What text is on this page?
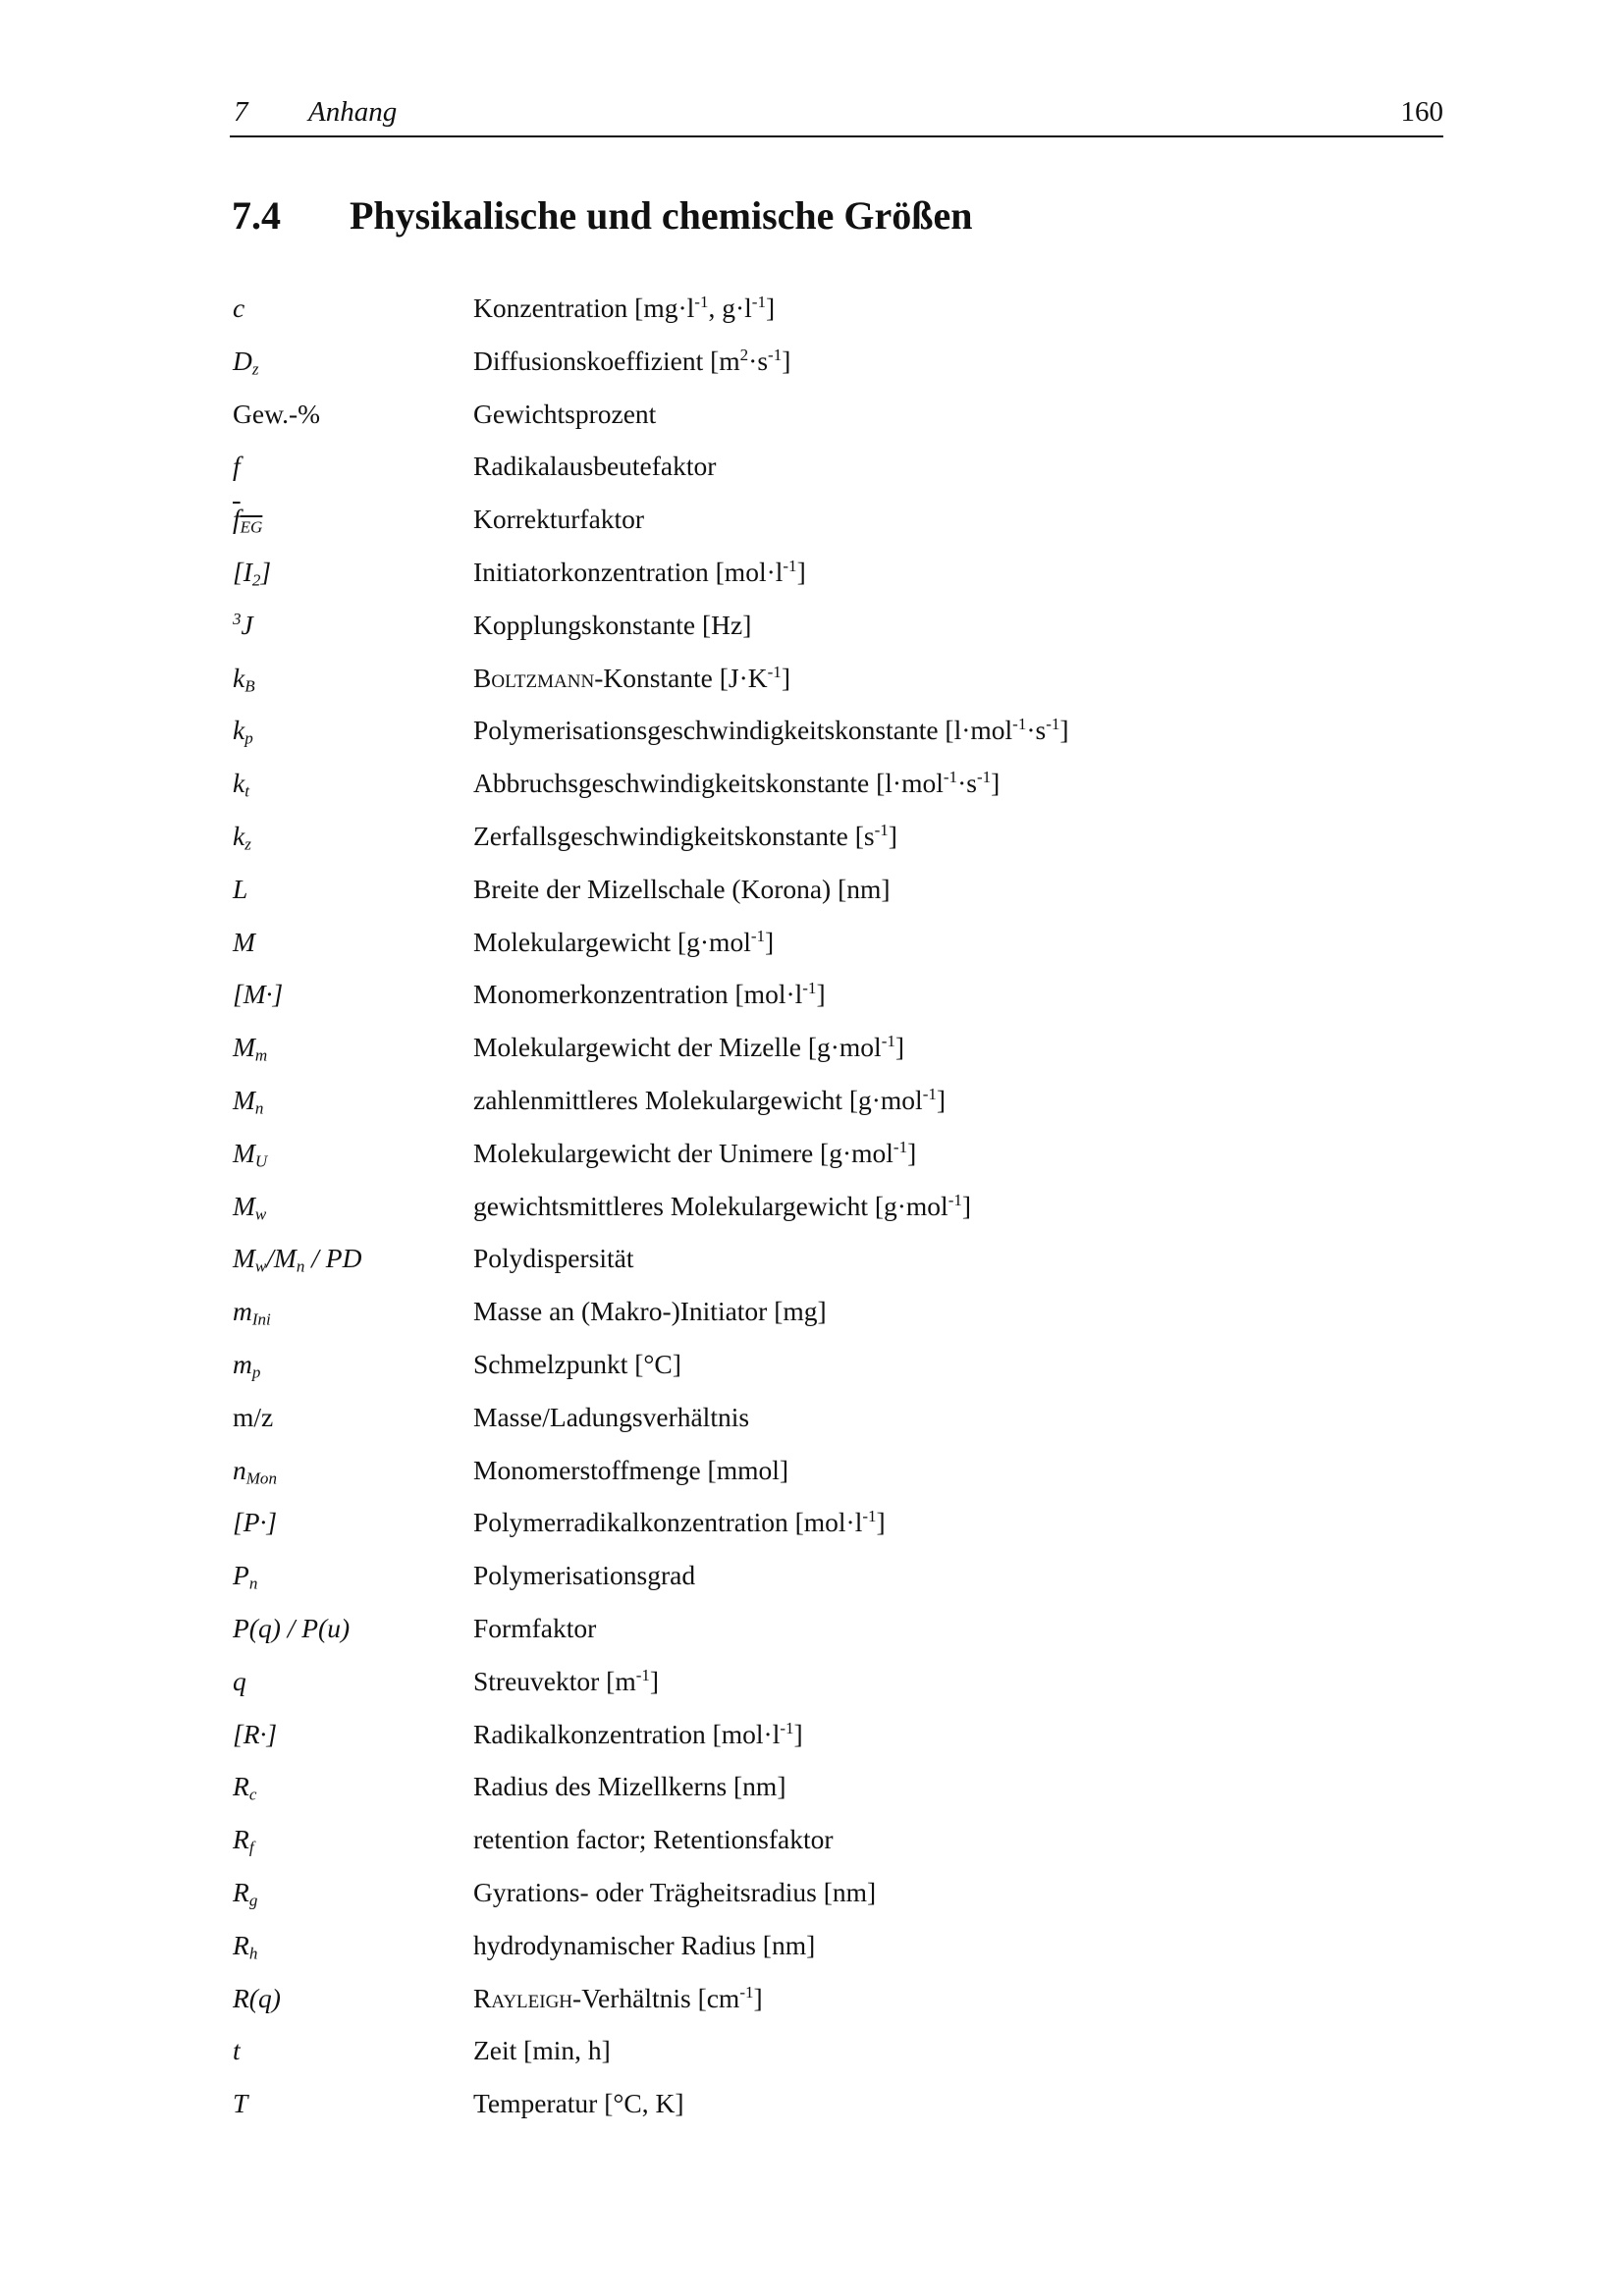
7 Anhang	160
7.4 Physikalische und chemische Größen
c	Konzentration [$mg\cdot l^{-1}$, $g\cdot l^{-1}$]
$D_z$	Diffusionskoeffizient $[m^2\cdot s^{-1}]$
Gew.-%	Gewichtsprozent
f	Radikalausbeutefaktor
$f_{EG}$	Korrekturfaktor
$[I_2]$	Initiatorkonzentration $[mol\cdot l^{-1}]$
$^3$J	Kopplungskonstante [Hz]
$k_B$	Boltzmann-Konstante $[J\cdot K^{-1}]$
$k_p$	Polymerisationsgeschwindigkeitskonstante $[l\cdot mol^{-1}\cdot s^{-1}]$
$k_t$	Abbruchsgeschwindigkeitskonstante $[l\cdot mol^{-1}\cdot s^{-1}]$
$k_z$	Zerfallsgeschwindigkeitskonstante $[s^{-1}]$
L	Breite der Mizellschale (Korona) [nm]
M	Molekulargewicht [g·mol$^{-1}$]
[M·]	Monomerkonzentration $[mol\cdot l^{-1}]$
$M_m$	Molekulargewicht der Mizelle [g·mol$^{-1}$]
$M_n$	zahlenmittleres Molekulargewicht [g·mol$^{-1}$]
$M_U$	Molekulargewicht der Unimere [g·mol$^{-1}$]
$M_w$	gewichtsmittleres Molekulargewicht [g·mol$^{-1}$]
$M_w/M_n$ / PD	Polydispersität
$m_{Ini}$	Masse an (Makro-)Initiator [mg]
$m_p$	Schmelzpunkt [°C]
m/z	Masse/Ladungsverhältnis
$n_{Mon}$	Monomerstoffmenge [mmol]
[P·]	Polymerradikalkonzentration $[mol\cdot l^{-1}]$
$P_n$	Polymerisationsgrad
P(q) / P(u)	Formfaktor
q	Streuvektor $[m^{-1}]$
[R·]	Radikalkonzentration $[mol\cdot l^{-1}]$
$R_c$	Radius des Mizellkerns [nm]
$R_f$	retention factor; Retentionsfaktor
$R_g$	Gyrations- oder Trägheitsradius [nm]
$R_h$	hydrodynamischer Radius [nm]
R(q)	Rayleigh-Verhältnis $[cm^{-1}]$
t	Zeit [min, h]
T	Temperatur [°C, K]
